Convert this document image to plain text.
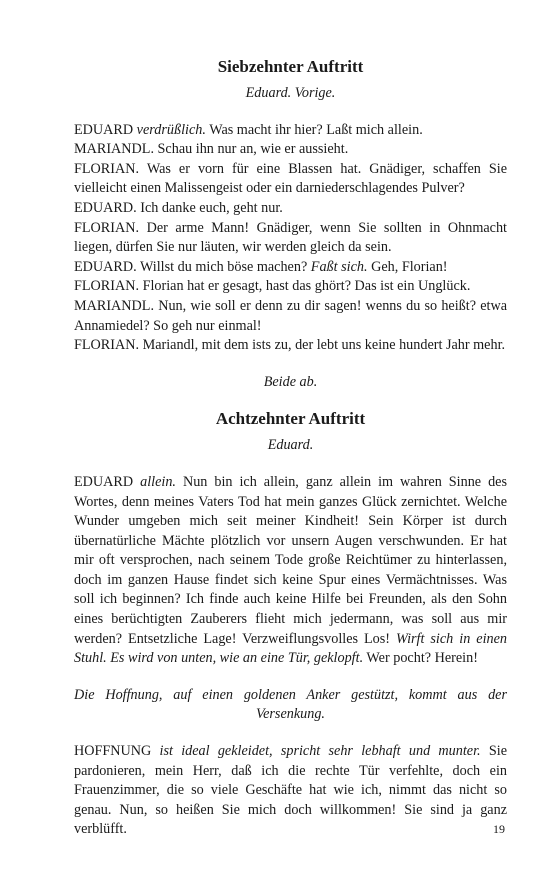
Siebzehnter Auftritt

Eduard. Vorige.

EDUARD verdrüßlich. Was macht ihr hier? Laßt mich allein.

MARIANDL. Schau ihn nur an, wie er aussieht.

FLORIAN. Was er vorn für eine Blassen hat. Gnädiger, schaffen Sie vielleicht einen Malissengeist oder ein darniederschlagendes Pulver?

EDUARD. Ich danke euch, geht nur.

FLORIAN. Der arme Mann! Gnädiger, wenn Sie sollten in Ohnmacht liegen, dürfen Sie nur läuten, wir werden gleich da sein.

EDUARD. Willst du mich böse machen? Faßt sich. Geh, Florian!

FLORIAN. Florian hat er gesagt, hast das ghört? Das ist ein Unglück.

MARIANDL. Nun, wie soll er denn zu dir sagen! wenns du so heißt? etwa Annamiedel? So geh nur einmal!

FLORIAN. Mariandl, mit dem ists zu, der lebt uns keine hundert Jahr mehr.

Beide ab.

Achtzehnter Auftritt

Eduard.

EDUARD allein. Nun bin ich allein, ganz allein im wahren Sinne des Wortes, denn meines Vaters Tod hat mein ganzes Glück zernichtet. Welche Wunder umgeben mich seit meiner Kindheit! Sein Körper ist durch übernatürliche Mächte plötzlich vor unsern Augen verschwunden. Er hat mir oft versprochen, nach seinem Tode große Reichtümer zu hinterlassen, doch im ganzen Hause findet sich keine Spur eines Vermächtnisses. Was soll ich beginnen? Ich finde auch keine Hilfe bei Freunden, als den Sohn eines berüchtigten Zauberers flieht mich jedermann, was soll aus mir werden? Entsetzliche Lage! Verzweiflungsvolles Los! Wirft sich in einen Stuhl. Es wird von unten, wie an eine Tür, geklopft. Wer pocht? Herein!

Die Hoffnung, auf einen goldenen Anker gestützt, kommt aus der Versenkung.

HOFFNUNG ist ideal gekleidet, spricht sehr lebhaft und munter. Sie pardonieren, mein Herr, daß ich die rechte Tür verfehlte, doch ein Frauenzimmer, die so viele Geschäfte hat wie ich, nimmt das nicht so genau. Nun, so heißen Sie mich doch willkommen! Sie sind ja ganz verblüfft.	19
